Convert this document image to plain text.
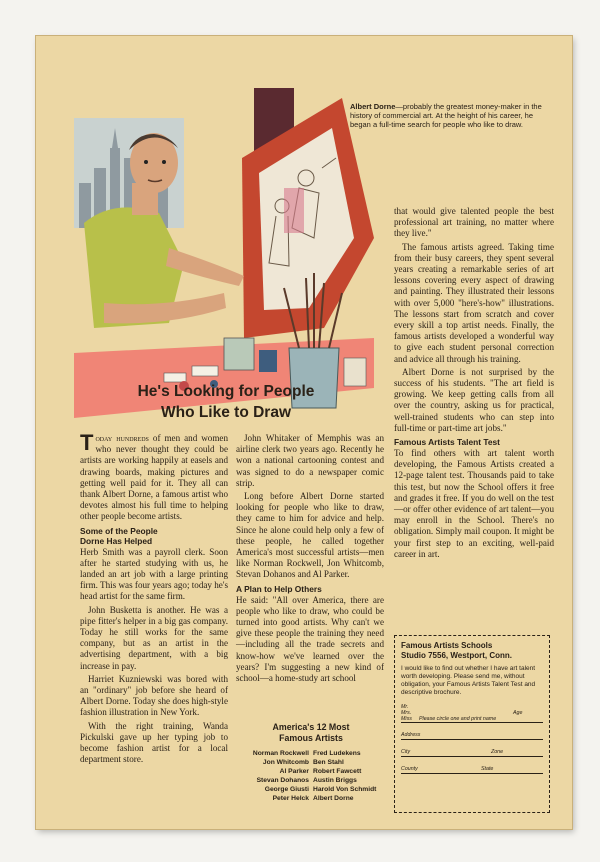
Albert Dorne—probably the greatest money-maker in the history of commercial art. At the height of his career, he began a full-time search for people who like to draw.
He's Looking for People
Who Like to Draw

Today hundreds of men and women who never thought they could be artists are working happily at easels and drawing boards, making pictures and getting well paid for it. They all can thank Albert Dorne, a famous artist who devotes almost his full time to helping other people become artists.

Some of the People
Dorne Has Helped

Herb Smith was a payroll clerk. Soon after he started studying with us, he landed an art job with a large printing firm. This was four years ago; today he's head artist for the same firm.

John Busketta is another. He was a pipe fitter's helper in a big gas company. Today he still works for the same company, but as an artist in the advertising department, with a big increase in pay.

Harriet Kuzniewski was bored with an "ordinary" job before she heard of Albert Dorne. Today she does high-style fashion illustration in New York.

With the right training, Wanda Pickulski gave up her typing job to become fashion artist for a local department store.

John Whitaker of Memphis was an airline clerk two years ago. Recently he won a national cartooning contest and was signed to do a newspaper comic strip.

Long before Albert Dorne started looking for people who like to draw, they came to him for advice and help. Since he alone could help only a few of these people, he called together America's most successful artists—men like Norman Rockwell, Jon Whitcomb, Stevan Dohanos and Al Parker.

A Plan to Help Others

He said: "All over America, there are people who like to draw, who could be turned into good artists. Why can't we give these people the training they need—including all the trade secrets and know-how we've learned over the years? I'm suggesting a new kind of school—a home-study art school

America's 12 Most
Famous Artists
Norman Rockwell Fred Ludekens
Jon Whitcomb Ben Stahl
Al Parker Robert Fawcett
Stevan Dohanos Austin Briggs
George Giusti Harold Von Schmidt
Peter Helck Albert Dorne

that would give talented people the best professional art training, no matter where they live."

The famous artists agreed. Taking time from their busy careers, they spent several years creating a remarkable series of art lessons covering every aspect of drawing and painting. They illustrated their lessons with over 5,000 "here's-how" illustrations. The lessons start from scratch and cover every skill a top artist needs. Finally, the famous artists developed a wonderful way to give each student personal correction and advice all through his training.

Albert Dorne is not surprised by the success of his students. "The art field is growing. We keep getting calls from all over the country, asking us for practical, well-trained students who can step into full-time or part-time art jobs."

Famous Artists Talent Test

To find others with art talent worth developing, the Famous Artists created a 12-page talent test. Thousands paid to take this test, but now the School offers it free and grades it free. If you do well on the test—or offer other evidence of art talent—you may enroll in the School. There's no obligation. Simply mail coupon. It might be your first step to an exciting, well-paid career in art.

Famous Artists Schools
Studio 7556, Westport, Conn.
I would like to find out whether I have art talent worth developing. Please send me, without obligation, your Famous Artists Talent Test and descriptive brochure.
Mr.
Mrs.
Miss Please circle one and print name
Age
Address
City	Zone
County	State
